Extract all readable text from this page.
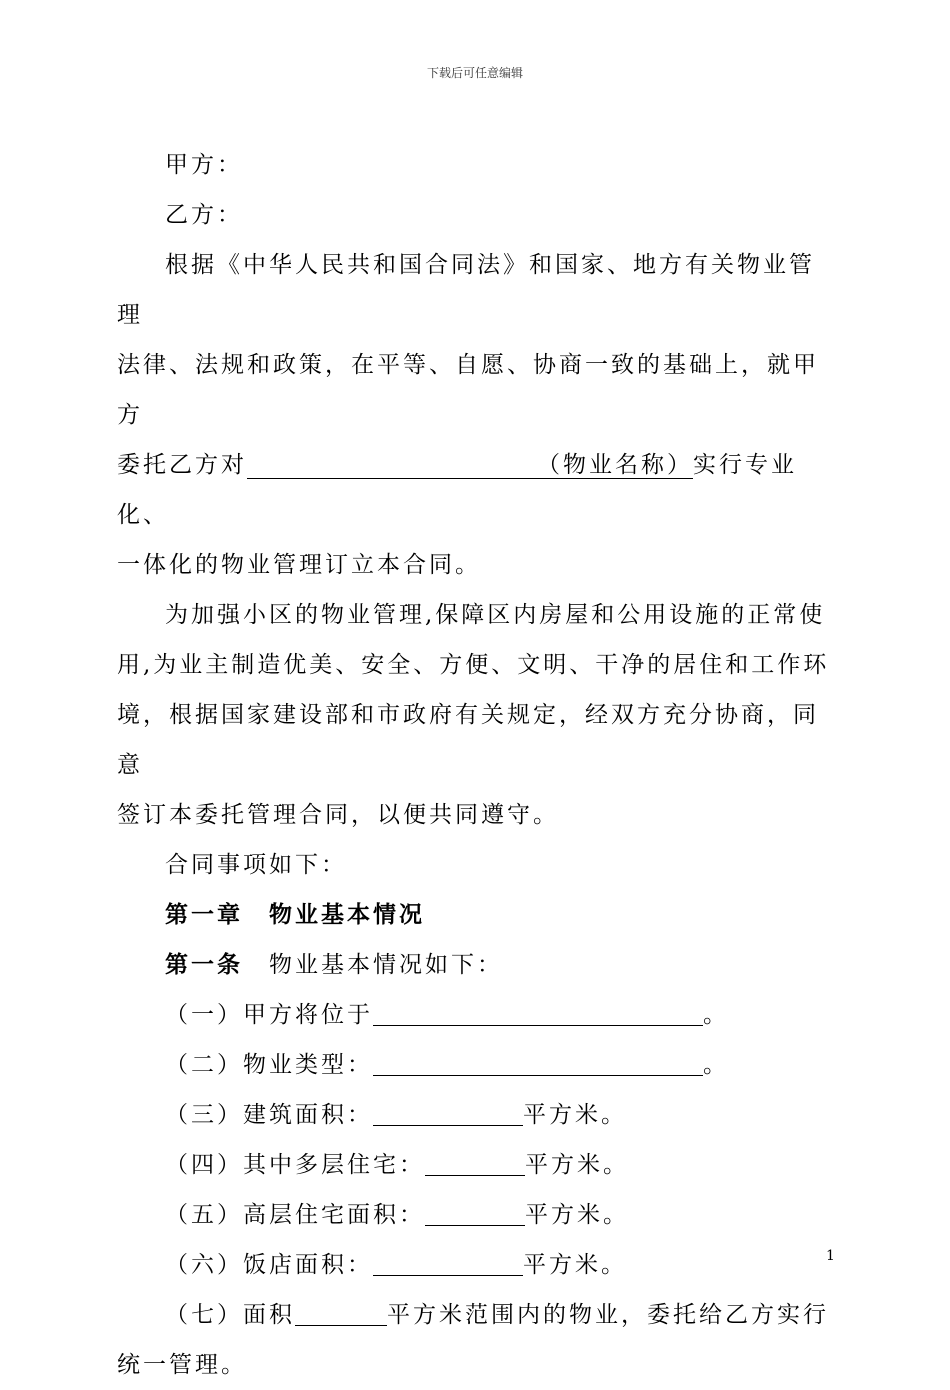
下载后可任意编辑

甲方：

乙方：

根据《中华人民共和国合同法》和国家、地方有关物业管理

法律、法规和政策，在平等、自愿、协商一致的基础上，就甲方

委托乙方对	（物业名称）实行专业化、

一体化的物业管理订立本合同。

为加强小区的物业管理,保障区内房屋和公用设施的正常使

用,为业主制造优美、安全、方便、文明、干净的居住和工作环

境，根据国家建设部和市政府有关规定，经双方充分协商，同意

签订本委托管理合同，以便共同遵守。

合同事项如下：

第一章 物业基本情况

第一条 物业基本情况如下：

（一）甲方将位于	。

（二）物业类型：	。

（三）建筑面积：	平方米。

（四）其中多层住宅：	平方米。

（五）高层住宅面积：	平方米。

（六）饭店面积：	平方米。

（七）面积	平方米范围内的物业，委托给乙方实行

统一管理。

1
